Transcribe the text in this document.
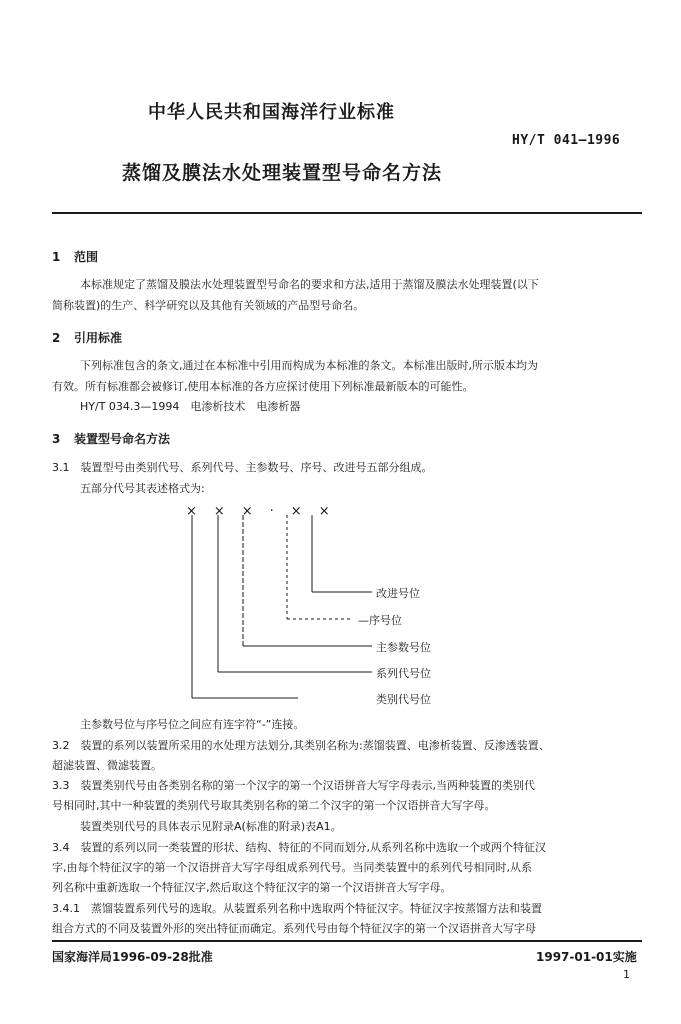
中华人民共和国海洋行业标准
HY/T 041—1996
蒸馏及膜法水处理装置型号命名方法
1 范围
本标准规定了蒸馏及膜法水处理装置型号命名的要求和方法,适用于蒸馏及膜法水处理装置(以下
简称装置)的生产、科学研究以及其他有关领域的产品型号命名。
2 引用标准
下列标准包含的条文,通过在本标准中引用而构成为本标准的条文。本标准出版时,所示版本均为
有效。所有标准都会被修订,使用本标准的各方应探讨使用下列标准最新版本的可能性。
HY/T 034.3—1994　电渗析技术　电渗析器
3 装置型号命名方法
3.1　装置型号由类别代号、系列代号、主参数号、序号、改进号五部分组成。
五部分代号其表述格式为:
×　×　×　·　×　×
改进号位
—序号位
主参数号位
系列代号位
类别代号位
主参数号位与序号位之间应有连字符“-”连接。
3.2　装置的系列以装置所采用的水处理方法划分,其类别名称为:蒸馏装置、电渗析装置、反渗透装置、
超滤装置、微滤装置。
3.3　装置类别代号由各类别名称的第一个汉字的第一个汉语拼音大写字母表示,当两种装置的类别代
号相同时,其中一种装置的类别代号取其类别名称的第二个汉字的第一个汉语拼音大写字母。
装置类别代号的具体表示见附录A(标准的附录)表A1。
3.4　装置的系列以同一类装置的形状、结构、特征的不同而划分,从系列名称中选取一个或两个特征汉
字,由每个特征汉字的第一个汉语拼音大写字母组成系列代号。当同类装置中的系列代号相同时,从系
列名称中重新选取一个特征汉字,然后取这个特征汉字的第一个汉语拼音大写字母。
3.4.1　蒸馏装置系列代号的选取。从装置系列名称中选取两个特征汉字。特征汉字按蒸馏方法和装置
组合方式的不同及装置外形的突出特征而确定。系列代号由每个特征汉字的第一个汉语拼音大写字母
国家海洋局1996-09-28批准	1997-01-01实施
1
